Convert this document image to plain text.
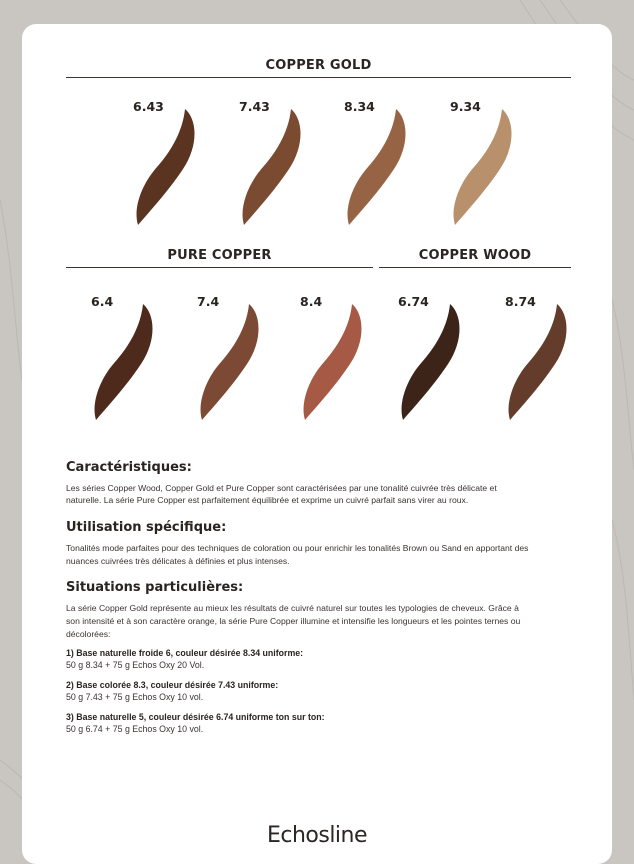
COPPER GOLD
6.43	7.43	8.34	9.34
PURE COPPER	COPPER WOOD
6.4	7.4	8.4	6.74	8.74
Caractéristiques:
Les séries Copper Wood, Copper Gold et Pure Copper sont caractérisées par une tonalité cuivrée très délicate et
naturelle. La série Pure Copper est parfaitement équilibrée et exprime un cuivré parfait sans virer au roux.
Utilisation spécifique:
Tonalités mode parfaites pour des techniques de coloration ou pour enrichir les tonalités Brown ou Sand en apportant des
nuances cuivrées très délicates à définies et plus intenses.
Situations particulières:
La série Copper Gold représente au mieux les résultats de cuivré naturel sur toutes les typologies de cheveux. Grâce à
son intensité et à son caractère orange, la série Pure Copper illumine et intensifie les longueurs et les pointes ternes ou
décolorées:
1) Base naturelle froide 6, couleur désirée 8.34 uniforme:
50 g 8.34 + 75 g Echos Oxy 20 Vol.
2) Base colorée 8.3, couleur désirée 7.43 uniforme:
50 g 7.43 + 75 g Echos Oxy 10 vol.
3) Base naturelle 5, couleur désirée 6.74 uniforme ton sur ton:
50 g 6.74 + 75 g Echos Oxy 10 vol.
Echosline
